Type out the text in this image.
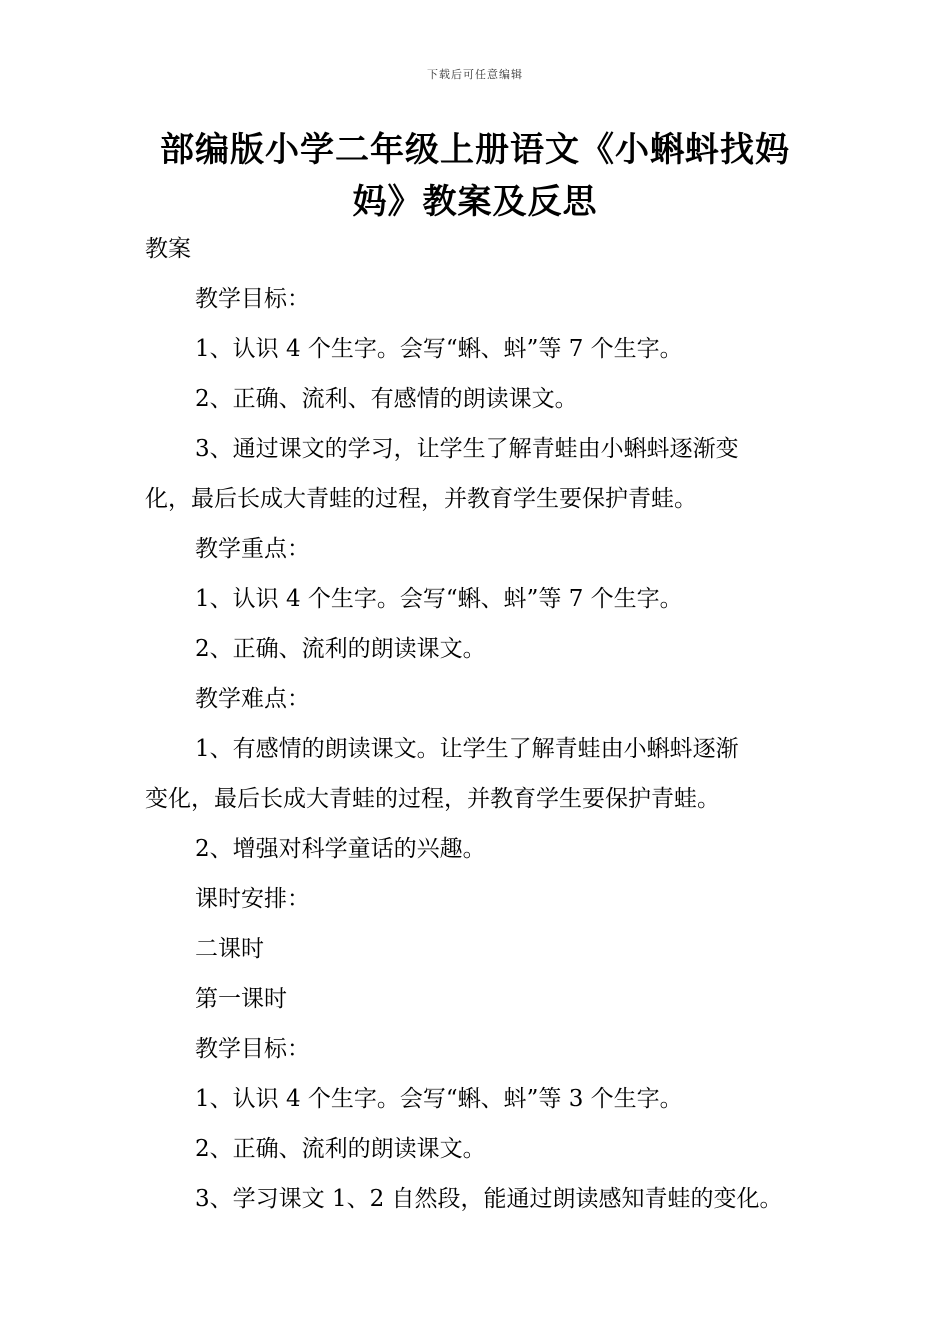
下载后可任意编辑
部编版小学二年级上册语文《小蝌蚪找妈
妈》教案及反思

教案

教学目标：

1、认识 4 个生字。会写“蝌、蚪”等 7 个生字。

2、正确、流利、有感情的朗读课文。

3、通过课文的学习，让学生了解青蛙由小蝌蚪逐渐变

化，最后长成大青蛙的过程，并教育学生要保护青蛙。

教学重点：

1、认识 4 个生字。会写“蝌、蚪”等 7 个生字。

2、正确、流利的朗读课文。

教学难点：

1、有感情的朗读课文。让学生了解青蛙由小蝌蚪逐渐

变化，最后长成大青蛙的过程，并教育学生要保护青蛙。

2、增强对科学童话的兴趣。

课时安排：

二课时

第一课时

教学目标：

1、认识 4 个生字。会写“蝌、蚪”等 3 个生字。

2、正确、流利的朗读课文。

3、学习课文 1、2 自然段，能通过朗读感知青蛙的变化。
